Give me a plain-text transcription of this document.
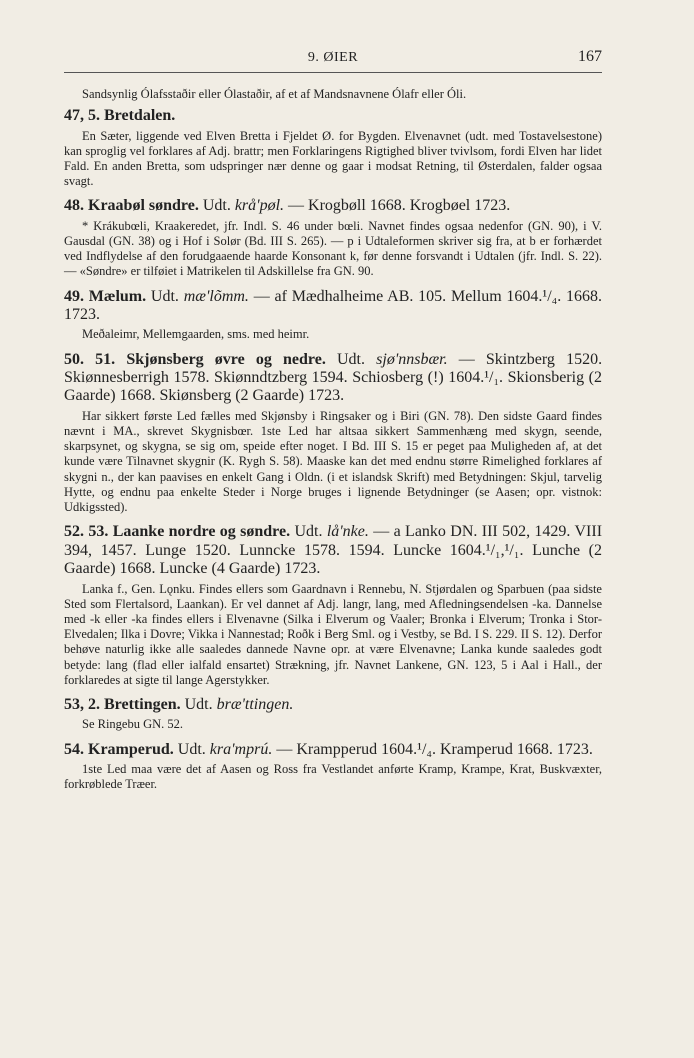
9. ØIER	167

Sandsynlig Ólafsstaðir eller Ólastaðir, af et af Mandsnavnene Ólafr eller Óli.

47, 5. Bretdalen.

En Sæter, liggende ved Elven Bretta i Fjeldet Ø. for Bygden. Elvenavnet (udt. med Tostavelsestone) kan sproglig vel forklares af Adj. brattr; men Forklaringens Rigtighed bliver tvivlsom, fordi Elven har lidet Fald. En anden Bretta, som udspringer nær denne og gaar i modsat Retning, til Østerdalen, falder ogsaa svagt.

48. Kraabøl søndre. Udt. krå'pøl. — Krogbøll 1668. Krogbøel 1723.

* Krákubœli, Kraakeredet, jfr. Indl. S. 46 under bœli. Navnet findes ogsaa nedenfor (GN. 90), i V. Gausdal (GN. 38) og i Hof i Solør (Bd. III S. 265). — p i Udtaleformen skriver sig fra, at b er forhærdet ved Indflydelse af den forudgaaende haarde Konsonant k, før denne forsvandt i Udtalen (jfr. Indl. S. 22). — «Søndre» er tilføiet i Matrikelen til Adskillelse fra GN. 90.

49. Mælum. Udt. mæ'lõmm. — af Mædhalheime AB. 105. Mellum 1604.¹/₄. 1668. 1723.

Meðaleimr, Mellemgaarden, sms. med heimr.

50. 51. Skjønsberg øvre og nedre. Udt. sjø'nnsbær. — Skintzberg 1520. Skiønnesberrigh 1578. Skiønndtzberg 1594. Schiosberg (!) 1604.¹/₁. Skionsberig (2 Gaarde) 1668. Skiønsberg (2 Gaarde) 1723.

Har sikkert første Led fælles med Skjønsby i Ringsaker og i Biri (GN. 78). Den sidste Gaard findes nævnt i MA., skrevet Skygnisbœr. 1ste Led har altsaa sikkert Sammenhæng med skygn, seende, skarpsynet, og skygna, se sig om, speide efter noget. I Bd. III S. 15 er peget paa Muligheden af, at det kunde være Tilnavnet skygnir (K. Rygh S. 58). Maaske kan det med endnu større Rimelighed forklares af skygni n., der kan paavises en enkelt Gang i Oldn. (i et islandsk Skrift) med Betydningen: Skjul, tarvelig Hytte, og endnu paa enkelte Steder i Norge bruges i lignende Betydninger (se Aasen; opr. vistnok: Udkigssted).

52. 53. Laanke nordre og søndre. Udt. lå'nke. — a Lanko DN. III 502, 1429. VIII 394, 1457. Lunge 1520. Lunncke 1578. 1594. Luncke 1604.¹/₁,¹/₁. Lunche (2 Gaarde) 1668. Luncke (4 Gaarde) 1723.

Lanka f., Gen. Lǫnku. Findes ellers som Gaardnavn i Rennebu, N. Stjørdalen og Sparbuen (paa sidste Sted som Flertalsord, Laankan). Er vel dannet af Adj. langr, lang, med Afledningsendelsen -ka. Dannelse med -k eller -ka findes ellers i Elvenavne (Silka i Elverum og Vaaler; Bronka i Elverum; Tronka i Stor-Elvedalen; Ilka i Dovre; Vikka i Nannestad; Roðk i Berg Sml. og i Vestby, se Bd. I S. 229. II S. 12). Derfor behøve naturlig ikke alle saaledes dannede Navne opr. at være Elvenavne; Lanka kunde saaledes godt betyde: lang (flad eller ialfald ensartet) Strækning, jfr. Navnet Lankene, GN. 123, 5 i Aal i Hall., der forklaredes at sigte til lange Agerstykker.

53, 2. Brettingen. Udt. bræ'ttingen.

Se Ringebu GN. 52.

54. Kramperud. Udt. kra'mprú. — Krampperud 1604.¹/₄. Kramperud 1668. 1723.

1ste Led maa være det af Aasen og Ross fra Vestlandet anførte Kramp, Krampe, Krat, Buskvæxter, forkrøblede Træer.
